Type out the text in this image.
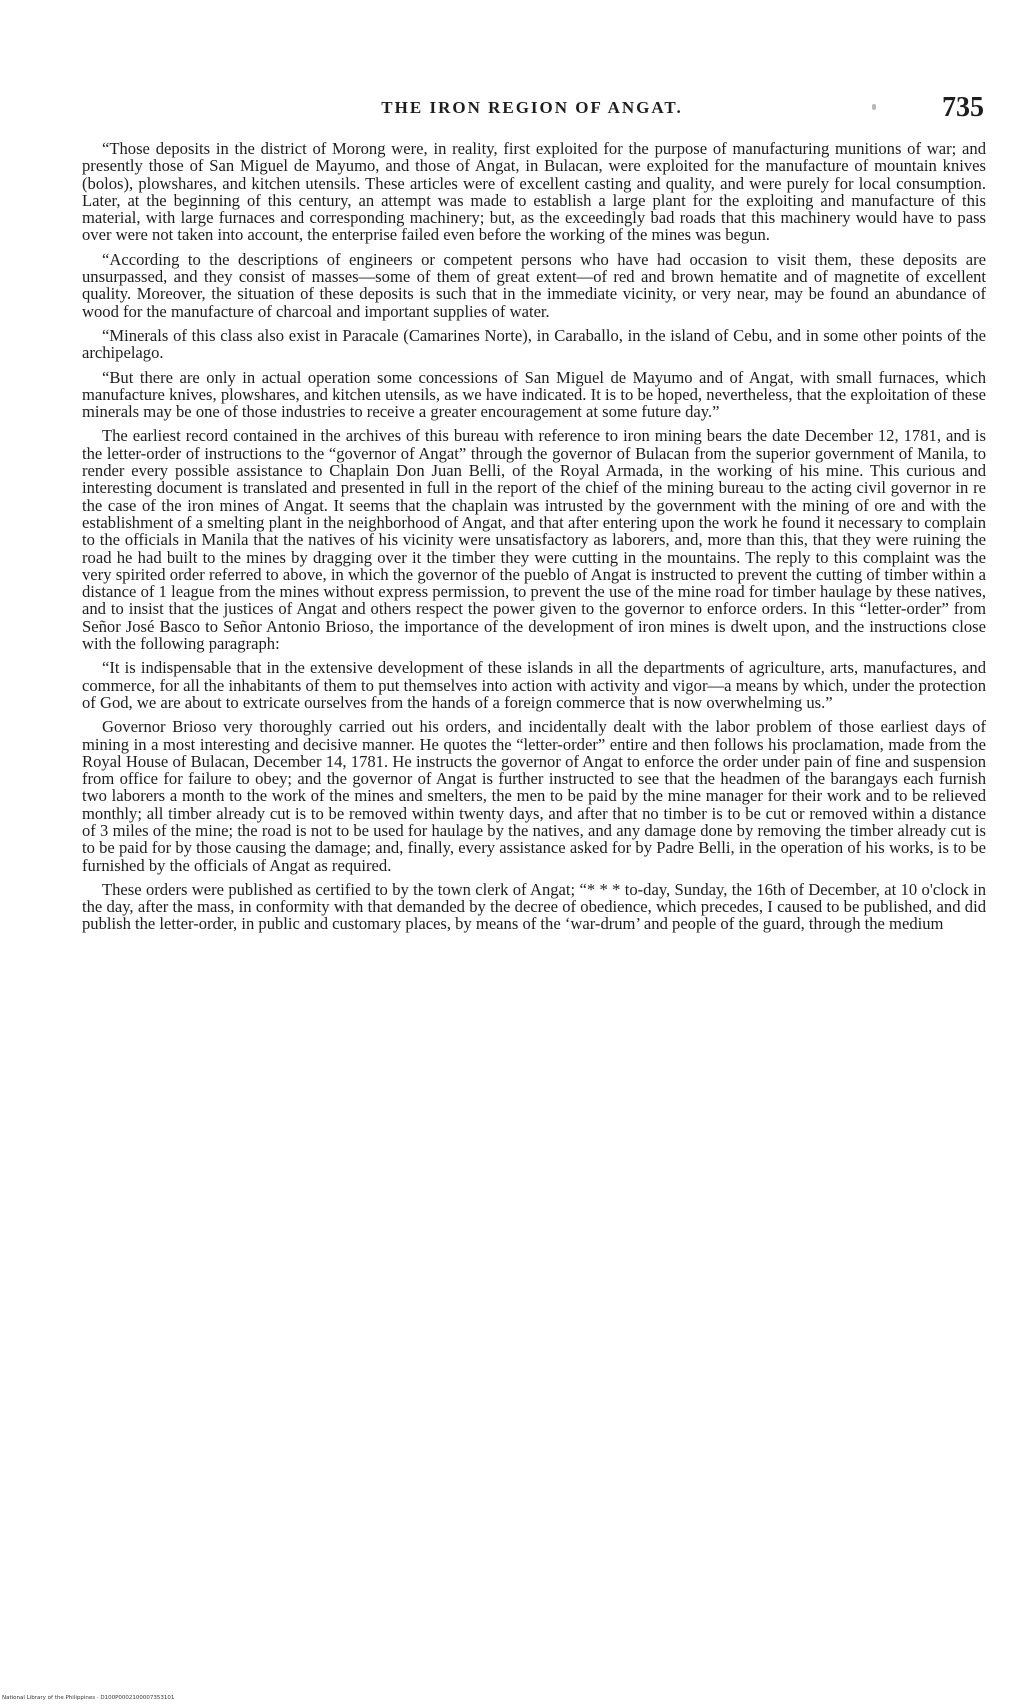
THE IRON REGION OF ANGAT.	735

“Those deposits in the district of Morong were, in reality, first exploited for the purpose of manufacturing munitions of war; and presently those of San Miguel de Mayumo, and those of Angat, in Bulacan, were exploited for the manufacture of mountain knives (bolos), plowshares, and kitchen utensils. These articles were of excellent casting and quality, and were purely for local consumption. Later, at the beginning of this century, an attempt was made to establish a large plant for the exploiting and manufacture of this material, with large furnaces and corresponding machinery; but, as the exceedingly bad roads that this machinery would have to pass over were not taken into account, the enterprise failed even before the working of the mines was begun.

“According to the descriptions of engineers or competent persons who have had occasion to visit them, these deposits are unsurpassed, and they consist of masses—some of them of great extent—of red and brown hematite and of magnetite of excellent quality. Moreover, the situation of these deposits is such that in the immediate vicinity, or very near, may be found an abundance of wood for the manufacture of charcoal and important supplies of water.

“Minerals of this class also exist in Paracale (Camarines Norte), in Caraballo, in the island of Cebu, and in some other points of the archipelago.

“But there are only in actual operation some concessions of San Miguel de Mayumo and of Angat, with small furnaces, which manufacture knives, plowshares, and kitchen utensils, as we have indicated. It is to be hoped, nevertheless, that the exploitation of these minerals may be one of those industries to receive a greater encouragement at some future day.”

The earliest record contained in the archives of this bureau with reference to iron mining bears the date December 12, 1781, and is the letter-order of instructions to the “governor of Angat” through the governor of Bulacan from the superior government of Manila, to render every possible assistance to Chaplain Don Juan Belli, of the Royal Armada, in the working of his mine. This curious and interesting document is translated and presented in full in the report of the chief of the mining bureau to the acting civil governor in re the case of the iron mines of Angat. It seems that the chaplain was intrusted by the government with the mining of ore and with the establishment of a smelting plant in the neighborhood of Angat, and that after entering upon the work he found it necessary to complain to the officials in Manila that the natives of his vicinity were unsatisfactory as laborers, and, more than this, that they were ruining the road he had built to the mines by dragging over it the timber they were cutting in the mountains. The reply to this complaint was the very spirited order referred to above, in which the governor of the pueblo of Angat is instructed to prevent the cutting of timber within a distance of 1 league from the mines without express permission, to prevent the use of the mine road for timber haulage by these natives, and to insist that the justices of Angat and others respect the power given to the governor to enforce orders. In this “letter-order” from Señor José Basco to Señor Antonio Brioso, the importance of the development of iron mines is dwelt upon, and the instructions close with the following paragraph:

“It is indispensable that in the extensive development of these islands in all the departments of agriculture, arts, manufactures, and commerce, for all the inhabitants of them to put themselves into action with activity and vigor—a means by which, under the protection of God, we are about to extricate ourselves from the hands of a foreign commerce that is now overwhelming us.”

Governor Brioso very thoroughly carried out his orders, and incidentally dealt with the labor problem of those earliest days of mining in a most interesting and decisive manner. He quotes the “letter-order” entire and then follows his proclamation, made from the Royal House of Bulacan, December 14, 1781. He instructs the governor of Angat to enforce the order under pain of fine and suspension from office for failure to obey; and the governor of Angat is further instructed to see that the headmen of the barangays each furnish two laborers a month to the work of the mines and smelters, the men to be paid by the mine manager for their work and to be relieved monthly; all timber already cut is to be removed within twenty days, and after that no timber is to be cut or removed within a distance of 3 miles of the mine; the road is not to be used for haulage by the natives, and any damage done by removing the timber already cut is to be paid for by those causing the damage; and, finally, every assistance asked for by Padre Belli, in the operation of his works, is to be furnished by the officials of Angat as required.

These orders were published as certified to by the town clerk of Angat; “* * * to-day, Sunday, the 16th of December, at 10 o'clock in the day, after the mass, in conformity with that demanded by the decree of obedience, which precedes, I caused to be published, and did publish the letter-order, in public and customary places, by means of the ‘war-drum’ and people of the guard, through the medium

National Library of the Philippines · D100P0002100007353101
